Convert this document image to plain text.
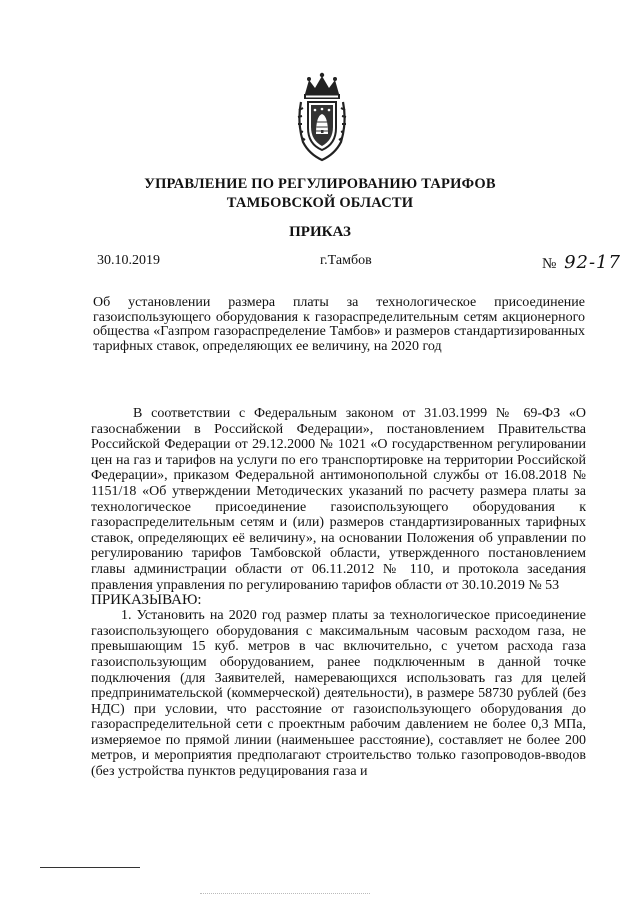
УПРАВЛЕНИЕ ПО РЕГУЛИРОВАНИЮ ТАРИФОВ
ТАМБОВСКОЙ ОБЛАСТИ
ПРИКАЗ
30.10.2019	г.Тамбов	№ 92-17
Об установлении размера платы за технологическое присоединение газоиспользующего оборудования к газораспределительным сетям акционерного общества «Газпром газораспределение Тамбов» и размеров стандартизированных тарифных ставок, определяющих ее величину, на 2020 год

В соответствии с Федеральным законом от 31.03.1999 № 69-ФЗ «О газоснабжении в Российской Федерации», постановлением Правительства Российской Федерации от 29.12.2000 № 1021 «О государственном регулировании цен на газ и тарифов на услуги по его транспортировке на территории Российской Федерации», приказом Федеральной антимонопольной службы от 16.08.2018 № 1151/18 «Об утверждении Методических указаний по расчету размера платы за технологическое присоединение газоиспользующего оборудования к газораспределительным сетям и (или) размеров стандартизированных тарифных ставок, определяющих её величину», на основании Положения об управлении по регулированию тарифов Тамбовской области, утвержденного постановлением главы администрации области от 06.11.2012 № 110, и протокола заседания правления управления по регулированию тарифов области от 30.10.2019 № 53

ПРИКАЗЫВАЮ:

1. Установить на 2020 год размер платы за технологическое присоединение газоиспользующего оборудования с максимальным часовым расходом газа, не превышающим 15 куб. метров в час включительно, с учетом расхода газа газоиспользующим оборудованием, ранее подключенным в данной точке подключения (для Заявителей, намеревающихся использовать газ для целей предпринимательской (коммерческой) деятельности), в размере 58730 рублей (без НДС) при условии, что расстояние от газоиспользующего оборудования до газораспределительной сети с проектным рабочим давлением не более 0,3 МПа, измеряемое по прямой линии (наименьшее расстояние), составляет не более 200 метров, и мероприятия предполагают строительство только газопроводов-вводов (без устройства пунктов редуцирования газа и
